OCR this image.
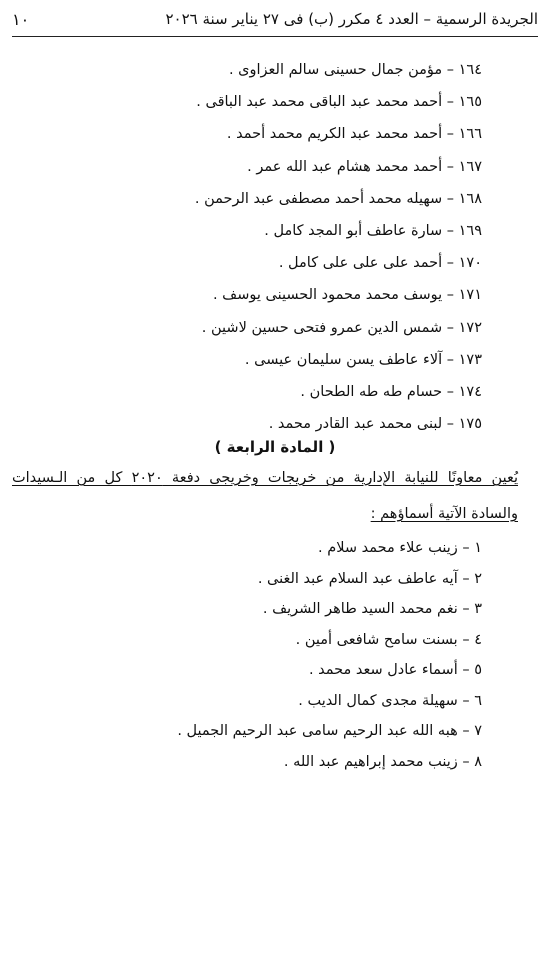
الجريدة الرسمية – العدد ٤ مكرر (ب) فى ٢٧ يناير سنة ٢٠٢٦
١٠
١٦٤ – مؤمن جمال حسينى سالم العزاوى .
١٦٥ – أحمد محمد عبد الباقى محمد عبد الباقى .
١٦٦ – أحمد محمد عبد الكريم محمد أحمد .
١٦٧ – أحمد محمد هشام عبد الله عمر .
١٦٨ – سهيله محمد أحمد مصطفى عبد الرحمن .
١٦٩ – سارة عاطف أبو المجد كامل .
١٧٠ – أحمد على على على كامل .
١٧١ – يوسف محمد محمود الحسينى يوسف .
١٧٢ – شمس الدين عمرو فتحى حسين لاشين .
١٧٣ – آلاء عاطف يسن سليمان عيسى .
١٧٤ – حسام طه طه الطحان .
١٧٥ – لبنى محمد عبد القادر محمد .
( المادة الرابعة )
يُعين معاونًا للنيابة الإدارية من خريجات وخريجى دفعة ٢٠٢٠ كل من الـسيدات
والسادة الآتية أسماؤهم :
١ – زينب علاء محمد سلام .
٢ – آيه عاطف عبد السلام عبد الغنى .
٣ – نغم محمد السيد طاهر الشريف .
٤ – بسنت سامح شافعى أمين .
٥ – أسماء عادل سعد محمد .
٦ – سهيلة مجدى كمال الديب .
٧ – هبه الله عبد الرحيم سامى عبد الرحيم الجميل .
٨ – زينب محمد إبراهيم عبد الله .
